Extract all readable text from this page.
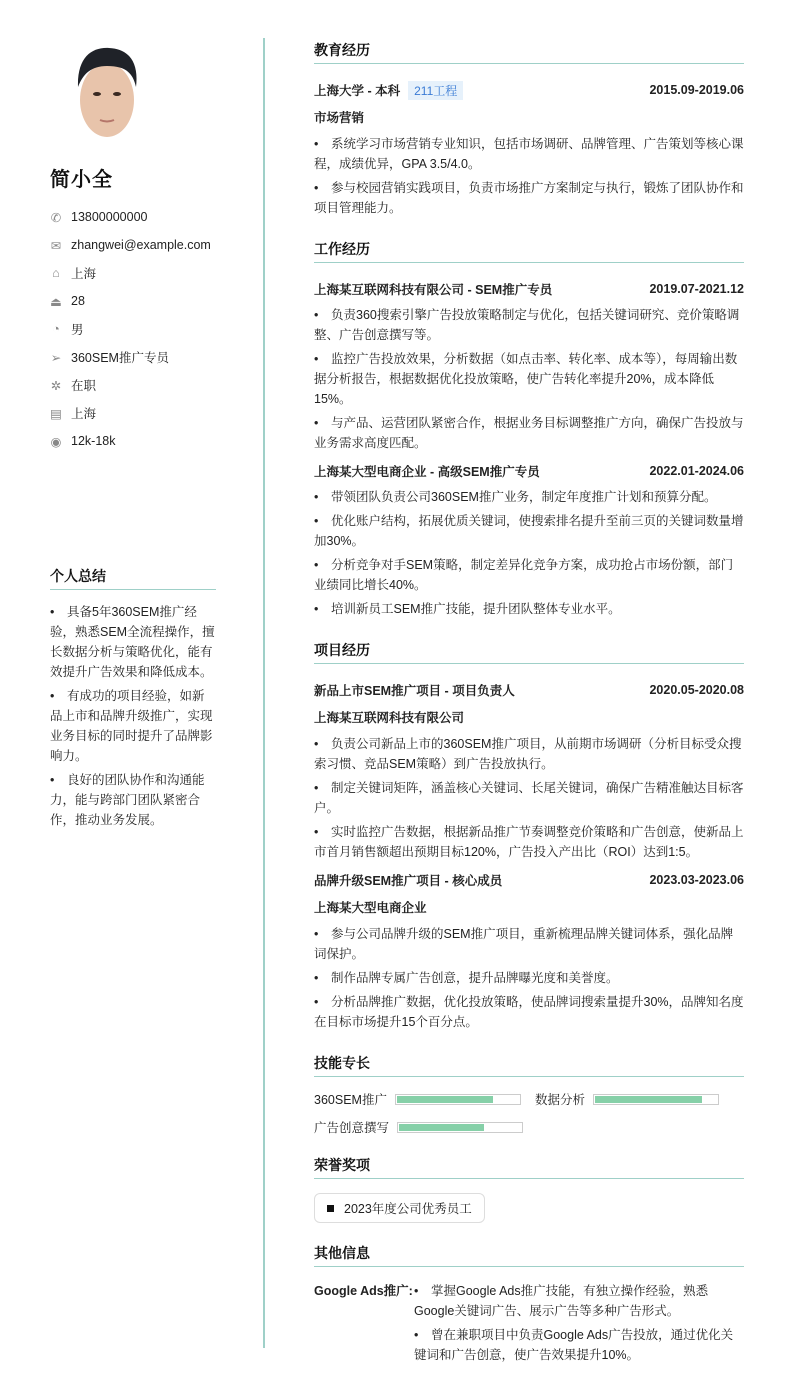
简小全
✆ 13800000000
✉ zhangwei@example.com
⌂ 上海
⏏ 28
◔ 男
➢ 360SEM推广专员
✲ 在职
▤ 上海
◉ 12k-18k
个人总结
• 具备5年360SEM推广经验，熟悉SEM全流程操作，擅长数据分析与策略优化，能有效提升广告效果和降低成本。
• 有成功的项目经验，如新品上市和品牌升级推广，实现业务目标的同时提升了品牌影响力。
• 良好的团队协作和沟通能力，能与跨部门团队紧密合作，推动业务发展。
教育经历
上海大学 - 本科 211工程	2015.09-2019.06
市场营销
• 系统学习市场营销专业知识，包括市场调研、品牌管理、广告策划等核心课程，成绩优异，GPA 3.5/4.0。
• 参与校园营销实践项目，负责市场推广方案制定与执行，锻炼了团队协作和项目管理能力。
工作经历
上海某互联网科技有限公司 - SEM推广专员	2019.07-2021.12
• 负责360搜索引擎广告投放策略制定与优化，包括关键词研究、竞价策略调整、广告创意撰写等。
• 监控广告投放效果，分析数据（如点击率、转化率、成本等），每周输出数据分析报告，根据数据优化投放策略，使广告转化率提升20%，成本降低15%。
• 与产品、运营团队紧密合作，根据业务目标调整推广方向，确保广告投放与业务需求高度匹配。
上海某大型电商企业 - 高级SEM推广专员	2022.01-2024.06
• 带领团队负责公司360SEM推广业务，制定年度推广计划和预算分配。
• 优化账户结构，拓展优质关键词，使搜索排名提升至前三页的关键词数量增加30%。
• 分析竞争对手SEM策略，制定差异化竞争方案，成功抢占市场份额，部门业绩同比增长40%。
• 培训新员工SEM推广技能，提升团队整体专业水平。
项目经历
新品上市SEM推广项目 - 项目负责人	2020.05-2020.08
上海某互联网科技有限公司
• 负责公司新品上市的360SEM推广项目，从前期市场调研（分析目标受众搜索习惯、竞品SEM策略）到广告投放执行。
• 制定关键词矩阵，涵盖核心关键词、长尾关键词，确保广告精准触达目标客户。
• 实时监控广告数据，根据新品推广节奏调整竞价策略和广告创意，使新品上市首月销售额超出预期目标120%，广告投入产出比（ROI）达到1:5。
品牌升级SEM推广项目 - 核心成员	2023.03-2023.06
上海某大型电商企业
• 参与公司品牌升级的SEM推广项目，重新梳理品牌关键词体系，强化品牌词保护。
• 制作品牌专属广告创意，提升品牌曝光度和美誉度。
• 分析品牌推广数据，优化投放策略，使品牌词搜索量提升30%，品牌知名度在目标市场提升15个百分点。
技能专长
360SEM推广	数据分析
广告创意撰写
荣誉奖项
2023年度公司优秀员工
其他信息
Google Ads推广:	• 掌握Google Ads推广技能，有独立操作经验，熟悉Google关键词广告、展示广告等多种广告形式。
• 曾在兼职项目中负责Google Ads广告投放，通过优化关键词和广告创意，使广告效果提升10%。
